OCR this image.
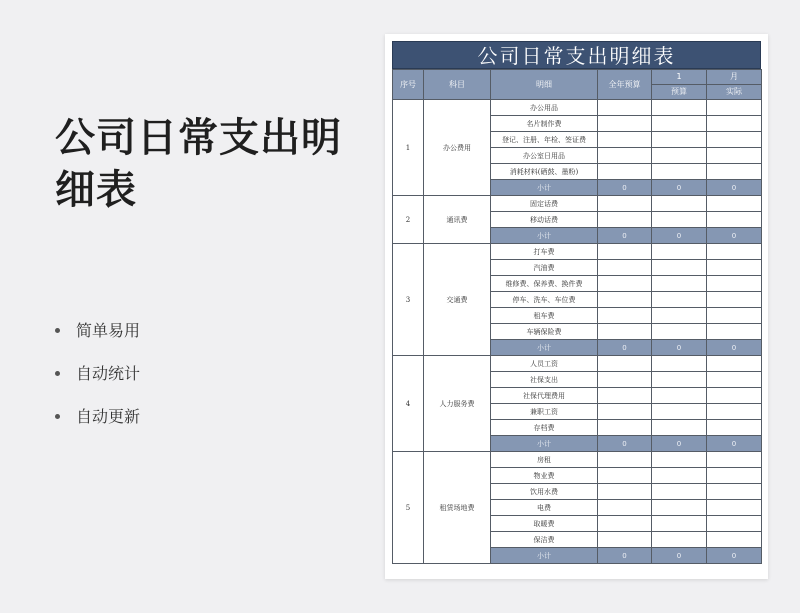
公司日常支出明细表
简单易用
自动统计
自动更新
公司日常支出明细表
序号	科目	明细	全年预算	1	月
				预算	实际
1	办公费用	办公用品			
		名片制作费			
		登记、注册、年检、签证费			
		办公室日用品			
		消耗材料(硒鼓、墨粉)			
		小计	0	0	0
2	通讯费	固定话费			
		移动话费			
		小计	0	0	0
3	交通费	打车费			
		汽油费			
		维修费、保养费、换件费			
		停车、洗车、车位费			
		租车费			
		车辆保险费			
		小计	0	0	0
4	人力服务费	人员工资			
		社保支出			
		社保代理费用			
		兼职工资			
		存档费			
		小计	0	0	0
5	租赁场地费	房租			
		物业费			
		饮用水费			
		电费			
		取暖费			
		保洁费			
		小计	0	0	0
